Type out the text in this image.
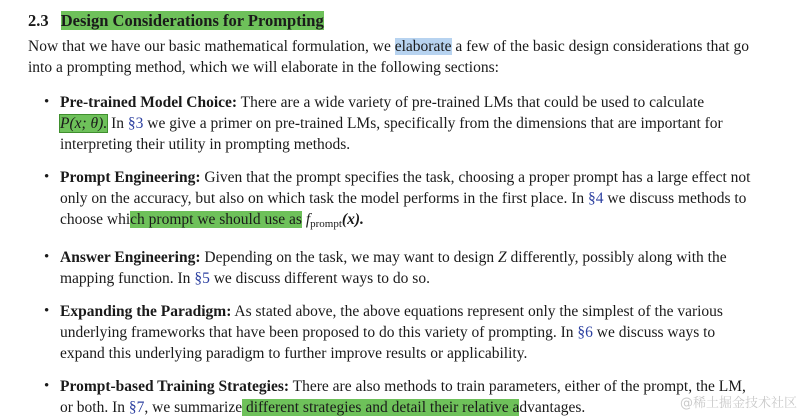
2.3 Design Considerations for Prompting
Now that we have our basic mathematical formulation, we elaborate a few of the basic design considerations that go
into a prompting method, which we will elaborate in the following sections:
• Pre-trained Model Choice: There are a wide variety of pre-trained LMs that could be used to calculate
P(x; θ). In §3 we give a primer on pre-trained LMs, specifically from the dimensions that are important for
interpreting their utility in prompting methods.
• Prompt Engineering: Given that the prompt specifies the task, choosing a proper prompt has a large effect not
only on the accuracy, but also on which task the model performs in the first place. In §4 we discuss methods to
choose which prompt we should use as $f_{prompt}(x)$.
• Answer Engineering: Depending on the task, we may want to design Z differently, possibly along with the
mapping function. In §5 we discuss different ways to do so.
• Expanding the Paradigm: As stated above, the above equations represent only the simplest of the various
underlying frameworks that have been proposed to do this variety of prompting. In §6 we discuss ways to
expand this underlying paradigm to further improve results or applicability.
• Prompt-based Training Strategies: There are also methods to train parameters, either of the prompt, the LM,
or both. In §7, we summarize different strategies and detail their relative advantages.	@稀土掘金技术社区
